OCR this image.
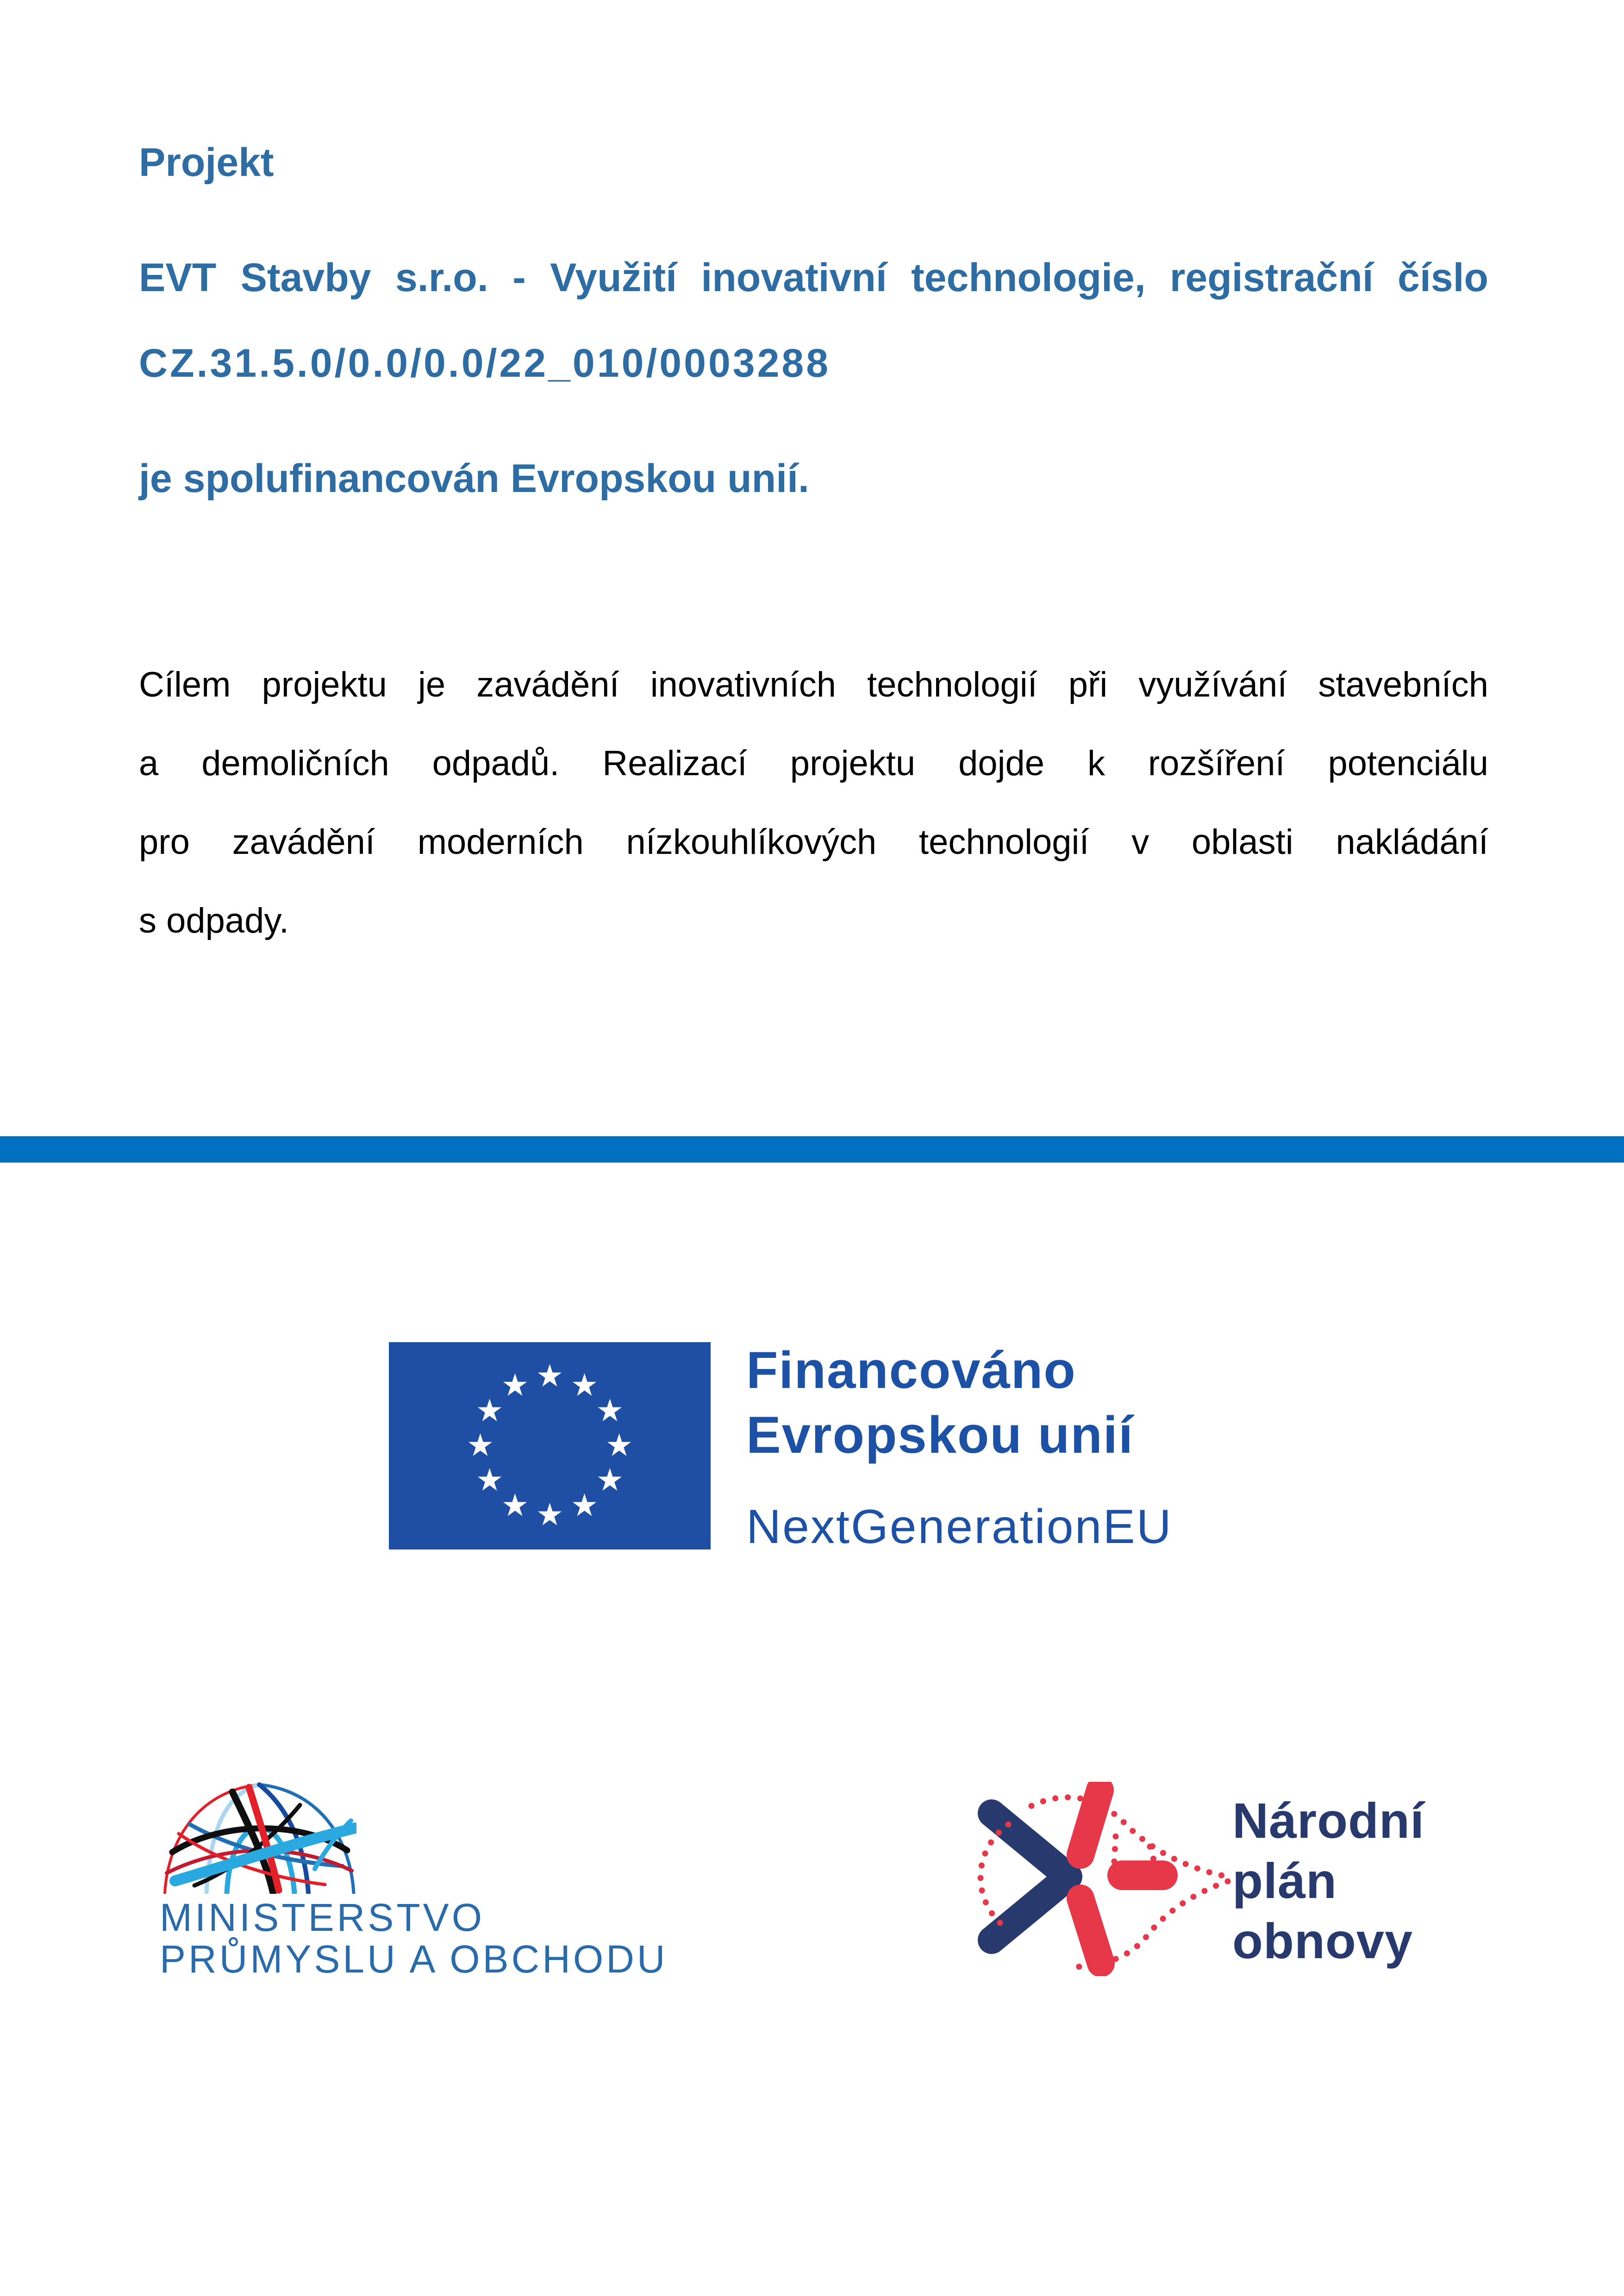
Projekt
EVT Stavby s.r.o. - Využití inovativní technologie, registrační číslo
CZ.31.5.0/0.0/0.0/22_010/0003288
je spolufinancován Evropskou unií.
Cílem projektu je zavádění inovativních technologií při využívání stavebních
a demoličních odpadů. Realizací projektu dojde k rozšíření potenciálu
pro zavádění moderních nízkouhlíkových technologií v oblasti nakládání
s odpady.
Financováno
Evropskou unií
NextGenerationEU
MINISTERSTVO
PRŮMYSLU A OBCHODU
Národní
plán
obnovy
